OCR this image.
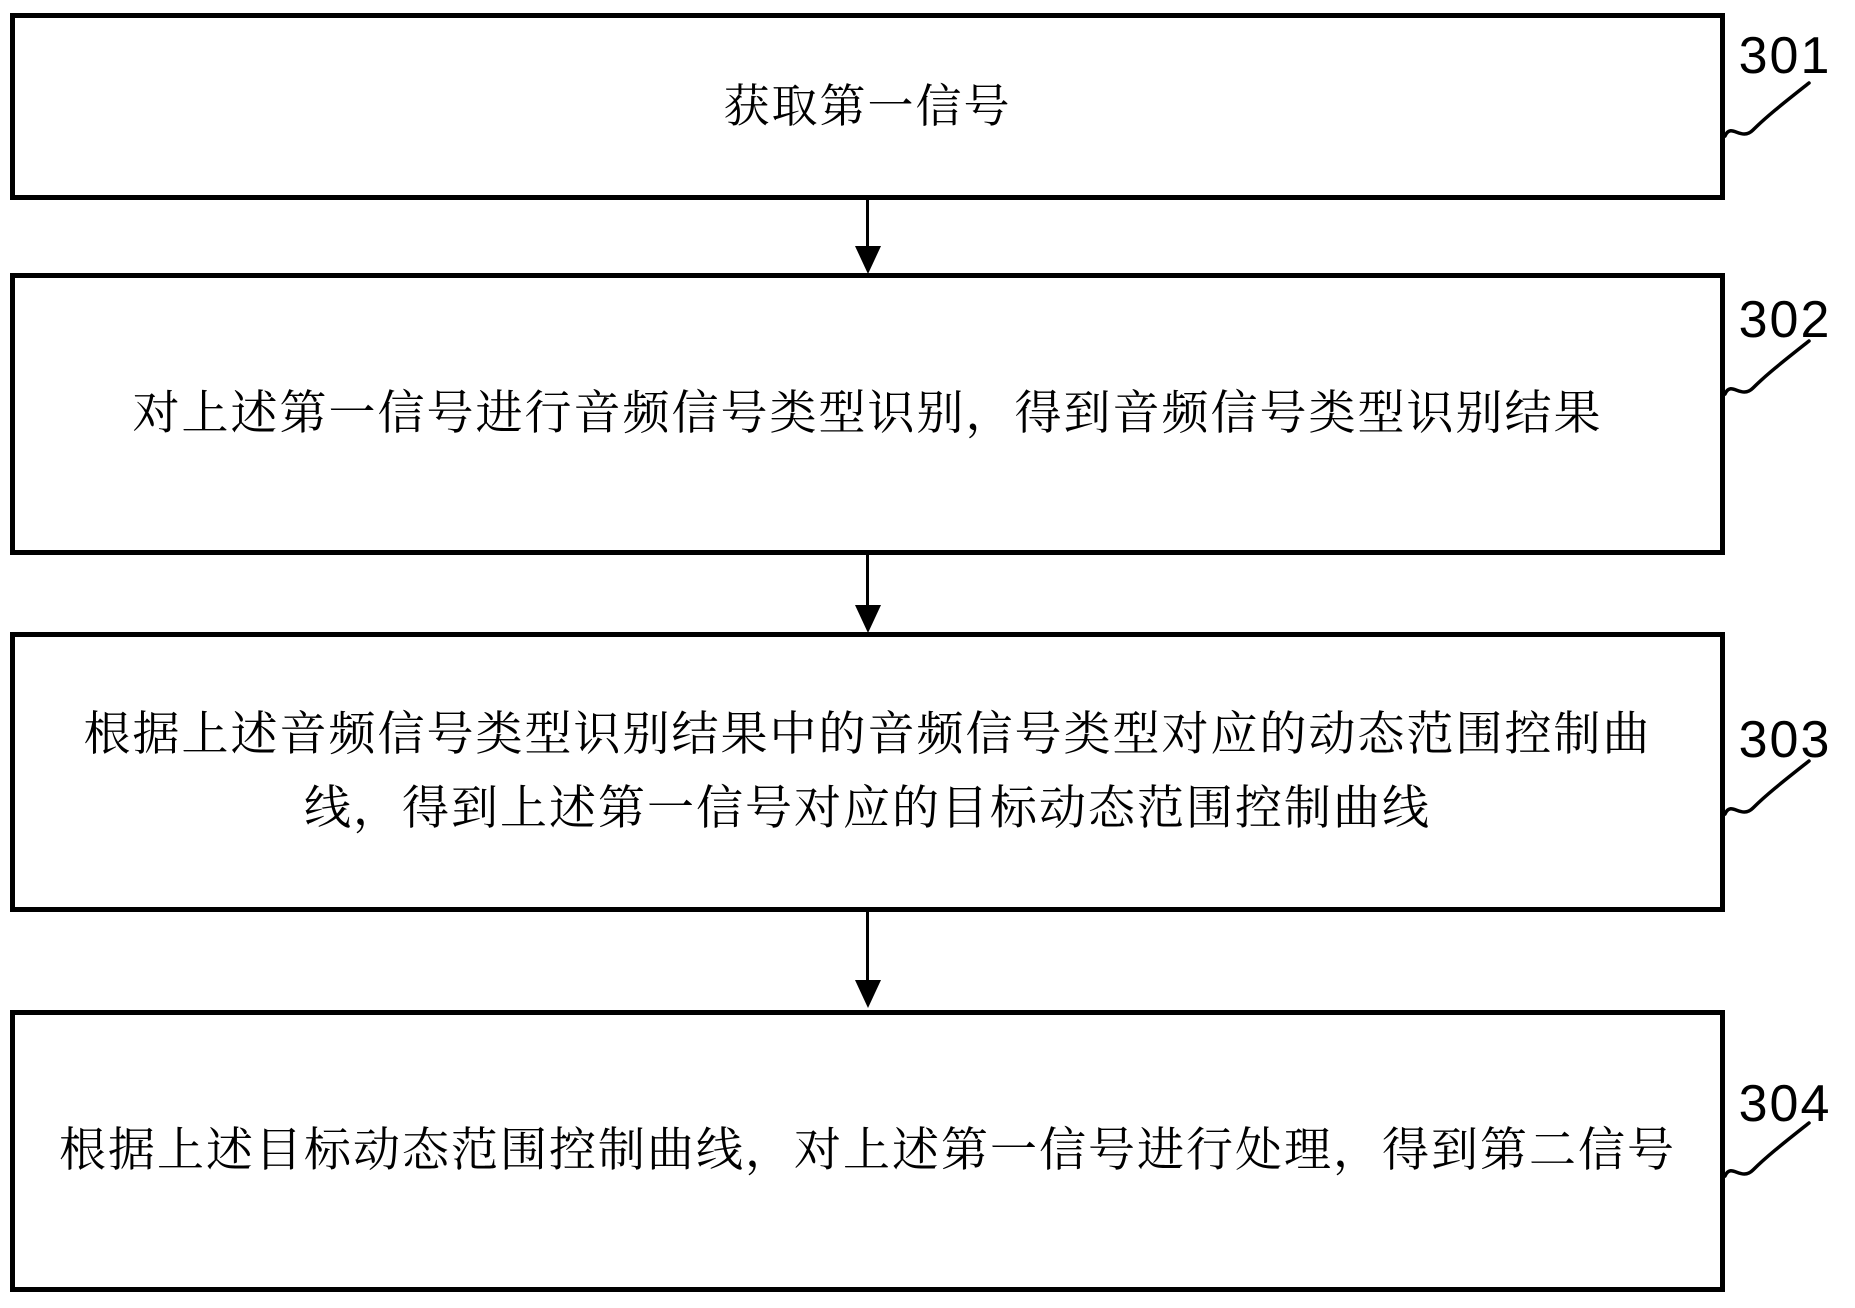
获取第一信号
301
对上述第一信号进行音频信号类型识别，得到音频信号类型识别结果
302
根据上述音频信号类型识别结果中的音频信号类型对应的动态范围控制曲线，得到上述第一信号对应的目标动态范围控制曲线
303
根据上述目标动态范围控制曲线，对上述第一信号进行处理，得到第二信号
304
